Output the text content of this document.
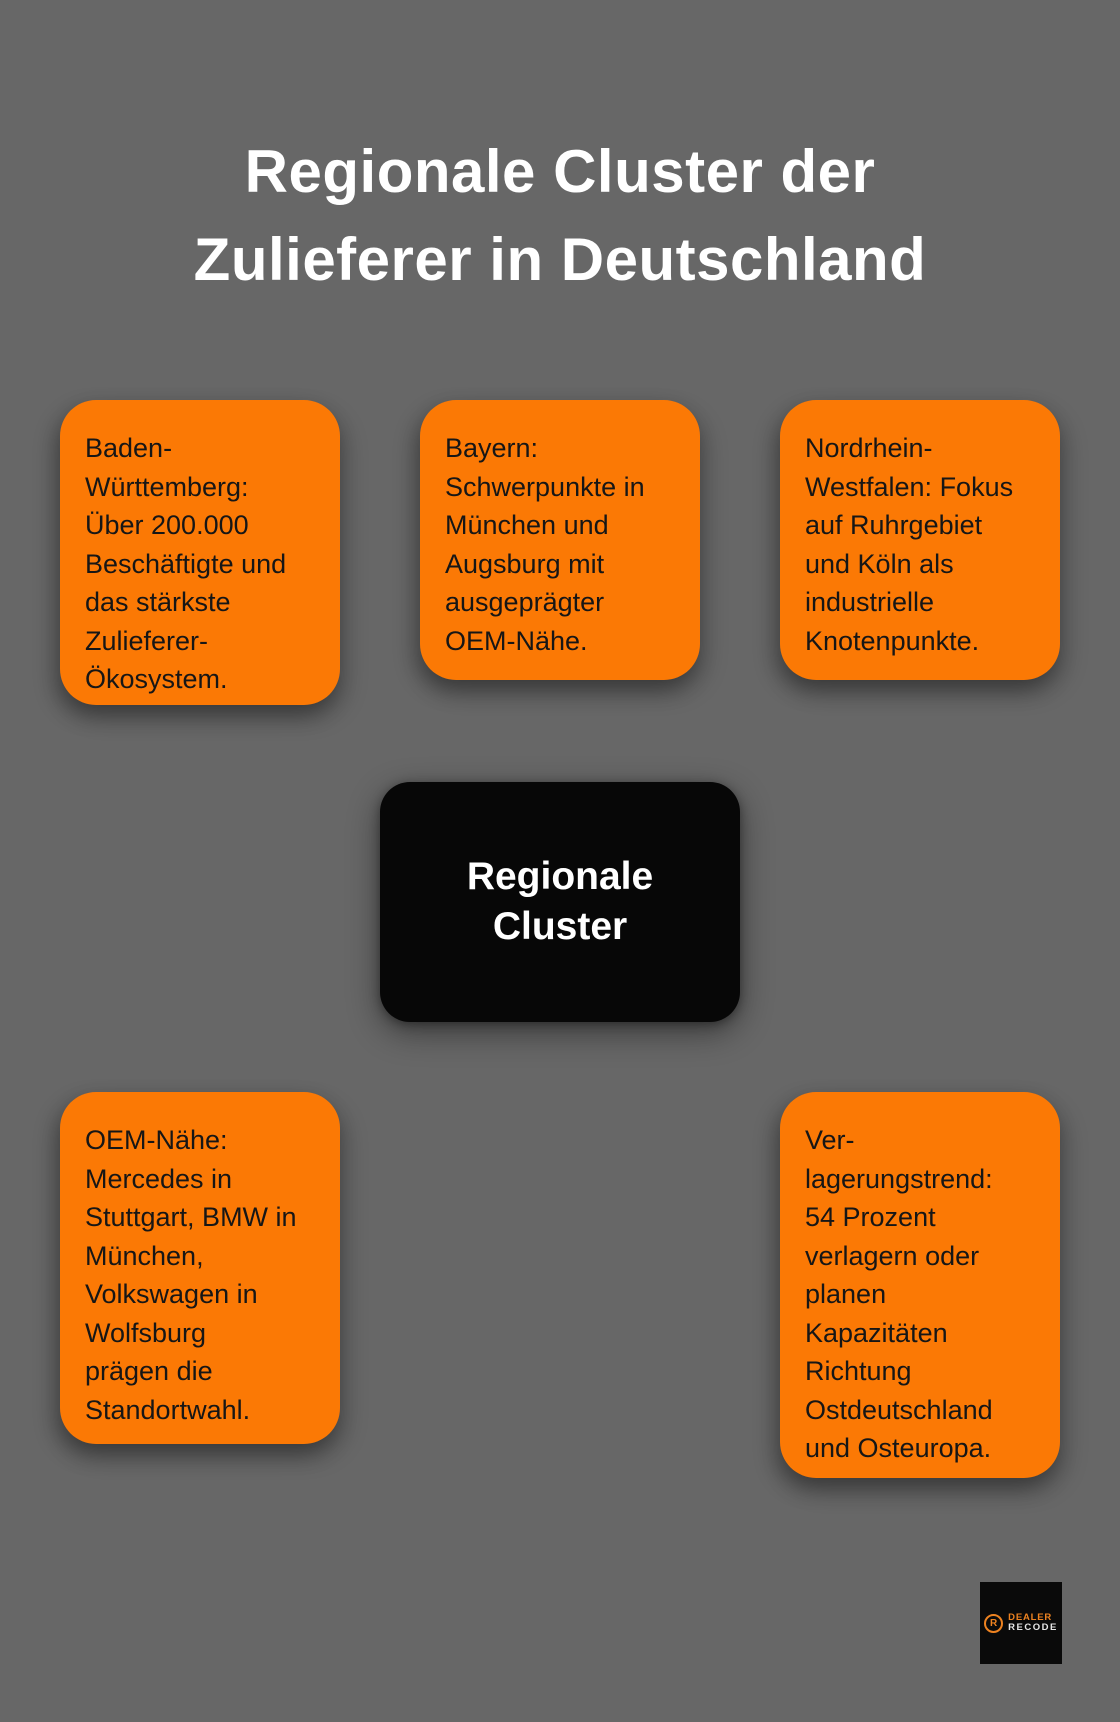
Regionale Cluster der Zulieferer in Deutschland
Baden-Württemberg: Über 200.000 Beschäftigte und das stärkste Zulieferer-Ökosystem.
Bayern: Schwerpunkte in München und Augsburg mit ausgeprägter OEM-Nähe.
Nordrhein-Westfalen: Fokus auf Ruhrgebiet und Köln als industrielle Knotenpunkte.
Regionale Cluster
OEM-Nähe: Mercedes in Stuttgart, BMW in München, Volkswagen in Wolfsburg prägen die Standortwahl.
Ver-lagerungstrend: 54 Prozent verlagern oder planen Kapazitäten Richtung Ostdeutschland und Osteuropa.
R	DEALER
RECODE
